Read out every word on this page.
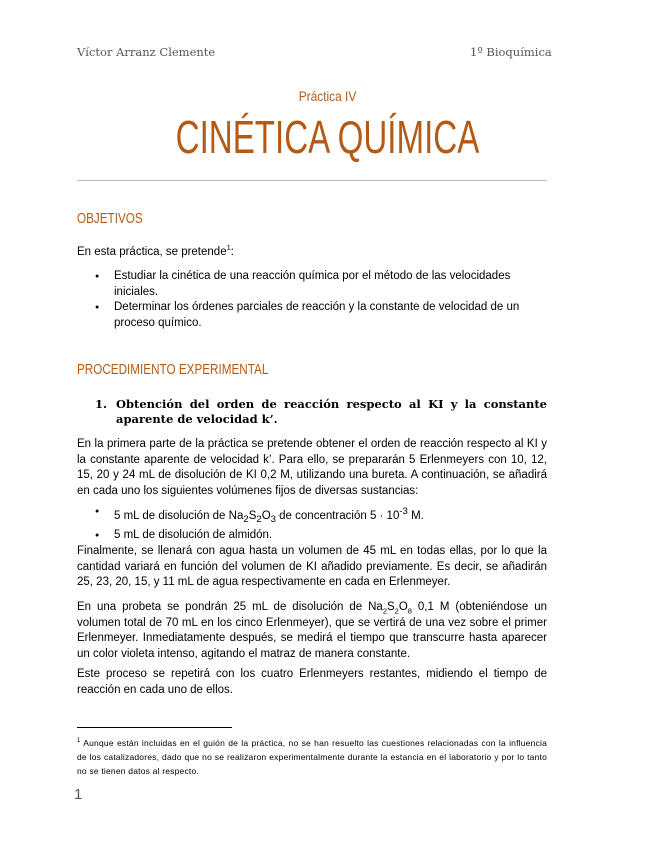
Víctor Arranz Clemente	1º Bioquímica
Práctica IV
CINÉTICA QUÍMICA
OBJETIVOS
En esta práctica, se pretende$^1$:
● Estudiar la cinética de una reacción química por el método de las velocidades iniciales.
● Determinar los órdenes parciales de reacción y la constante de velocidad de un proceso químico.
PROCEDIMIENTO EXPERIMENTAL
1. Obtención del orden de reacción respecto al KI y la constante aparente de velocidad k’.
En la primera parte de la práctica se pretende obtener el orden de reacción respecto al KI y la constante aparente de velocidad k’. Para ello, se prepararán 5 Erlenmeyers con 10, 12, 15, 20 y 24 mL de disolución de KI 0,2 M, utilizando una bureta. A continuación, se añadirá en cada uno los siguientes volúmenes fijos de diversas sustancias:
● 5 mL de disolución de $Na_2S_2O_3$ de concentración $5 \cdot 10^{-3}$ M.
● 5 mL de disolución de almidón.
Finalmente, se llenará con agua hasta un volumen de 45 mL en todas ellas, por lo que la cantidad variará en función del volumen de KI añadido previamente. Es decir, se añadirán 25, 23, 20, 15, y 11 mL de agua respectivamente en cada en Erlenmeyer.
En una probeta se pondrán 25 mL de disolución de $Na_2S_2O_8$ 0,1 M (obteniéndose un volumen total de 70 mL en los cinco Erlenmeyer), que se vertirá de una vez sobre el primer Erlenmeyer. Inmediatamente después, se medirá el tiempo que transcurre hasta aparecer un color violeta intenso, agitando el matraz de manera constante.
Este proceso se repetirá con los cuatro Erlenmeyers restantes, midiendo el tiempo de reacción en cada uno de ellos.
$^1$ Aunque están incluidas en el guión de la práctica, no se han resuelto las cuestiones relacionadas con la influencia de los catalizadores, dado que no se realizaron experimentalmente durante la estancia en el laboratorio y por lo tanto no se tienen datos al respecto.
1
